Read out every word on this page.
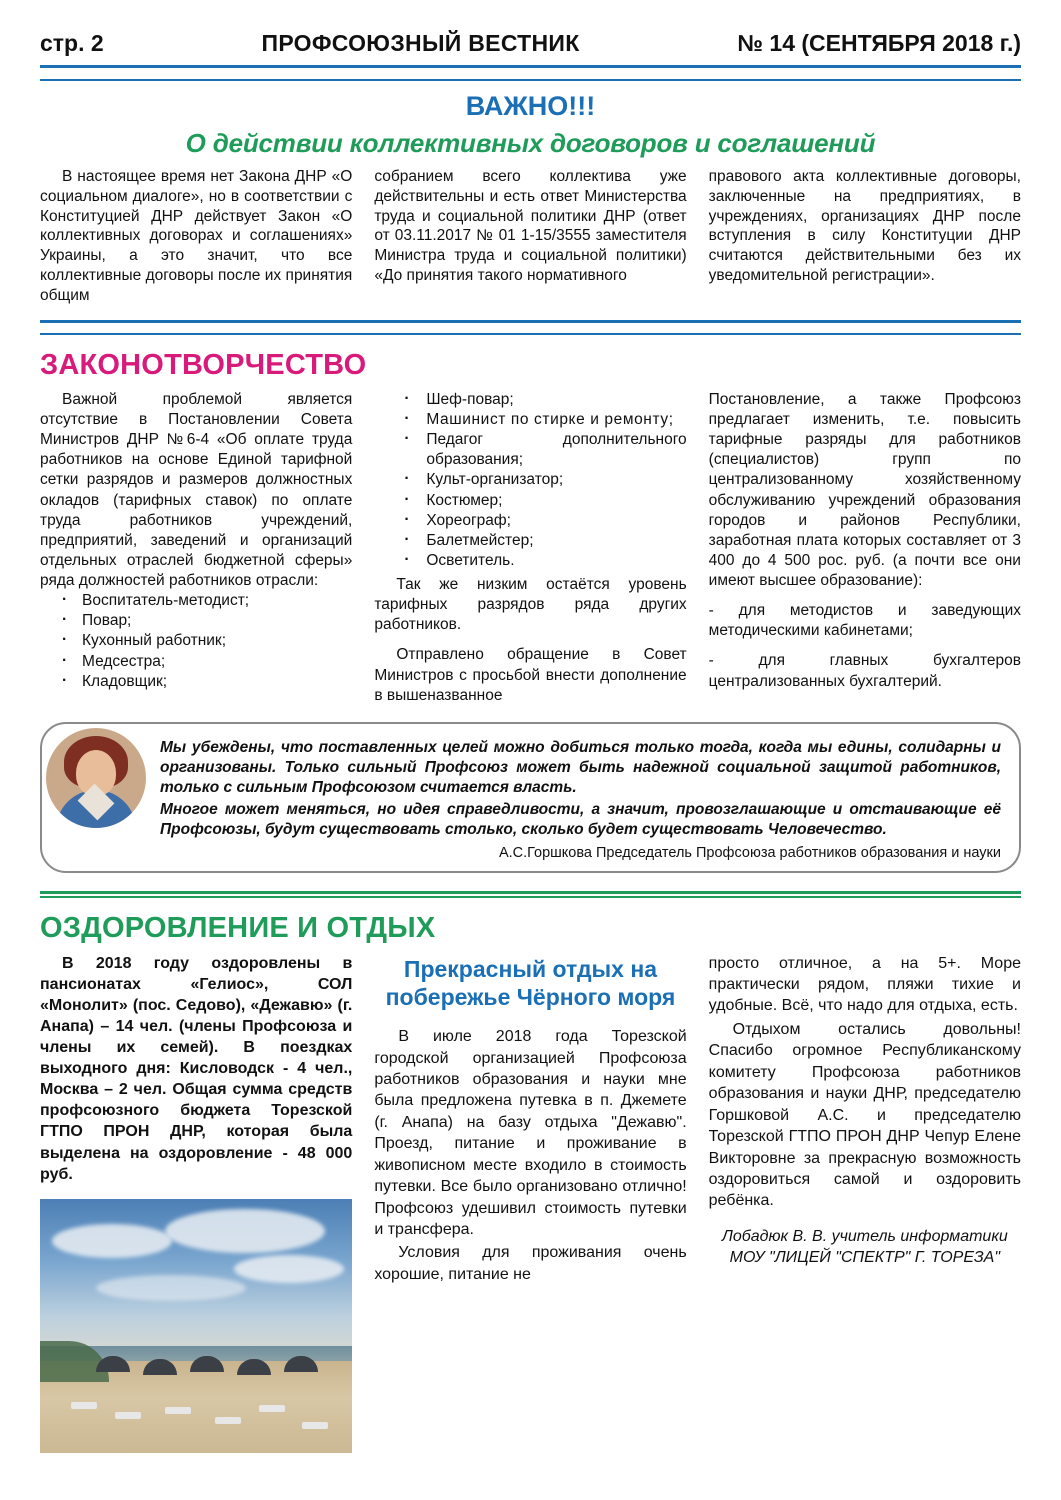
стр. 2	ПРОФСОЮЗНЫЙ ВЕСТНИК	№ 14 (СЕНТЯБРЯ 2018 г.)
ВАЖНО!!!
О действии коллективных договоров и соглашений
В настоящее время нет Закона ДНР «О социальном диалоге», но в соответствии с Конституцией ДНР действует Закон «О коллективных договорах и соглашениях» Украины, а это значит, что все коллективные договоры после их принятия общим
собранием всего коллектива уже действительны и есть ответ Министерства труда и социальной политики ДНР (ответ от 03.11.2017 № 01 1-15/3555 заместителя Министра труда и социальной политики) «До принятия такого нормативного
правового акта коллективные договоры, заключенные на предприятиях, в учреждениях, организациях ДНР после вступления в силу Конституции ДНР считаются действительными без их уведомительной регистрации».
ЗАКОНОТВОРЧЕСТВО
Важной проблемой является отсутствие в Постановлении Совета Министров ДНР №6-4 «Об оплате труда работников на основе Единой тарифной сетки разрядов и размеров должностных окладов (тарифных ставок) по оплате труда работников учреждений, предприятий, заведений и организаций отдельных отраслей бюджетной сферы» ряда должностей работников отрасли:
· Воспитатель-методист;
· Повар;
· Кухонный работник;
· Медсестра;
· Кладовщик;
· Шеф-повар;
· Машинист по стирке и ремонту;
· Педагог дополнительного образования;
· Культ-организатор;
· Костюмер;
· Хореограф;
· Балетмейстер;
· Осветитель.
Так же низким остаётся уровень тарифных разрядов ряда других работников.
Отправлено обращение в Совет Министров с просьбой внести дополнение в вышеназванное
Постановление, а также Профсоюз предлагает изменить, т.е. повысить тарифные разряды для работников (специалистов) групп по централизованному хозяйственному обслуживанию учреждений образования городов и районов Республики, заработная плата которых составляет от 3 400 до 4 500 рос. руб. (а почти все они имеют высшее образование):
- для методистов и заведующих методическими кабинетами;
- для главных бухгалтеров централизованных бухгалтерий.

Мы убеждены, что поставленных целей можно добиться только тогда, когда мы едины, солидарны и организованы. Только сильный Профсоюз может быть надежной социальной защитой работников, только с сильным Профсоюзом считается власть.

Многое может меняться, но идея справедливости, а значит, провозглашающие и отстаивающие её Профсоюзы, будут существовать столько, сколько будет существовать Человечество.

А.С.Горшкова Председатель Профсоюза работников образования и науки
ОЗДОРОВЛЕНИЕ И ОТДЫХ
В 2018 году оздоровлены в пансионатах «Гелиос», СОЛ «Монолит» (пос. Седово), «Дежавю» (г. Анапа) – 14 чел. (члены Профсоюза и члены их семей). В поездках выходного дня: Кисловодск - 4 чел., Москва – 2 чел. Общая сумма средств профсоюзного бюджета Торезской ГТПО ПРОН ДНР, которая была выделена на оздоровление - 48 000 руб.
Прекрасный отдых на побережье Чёрного моря

В июле 2018 года Торезской городской организацией Профсоюза работников образования и науки мне была предложена путевка в п. Джемете (г. Анапа) на базу отдыха "Дежавю". Проезд, питание и проживание в живописном месте входило в стоимость путевки. Все было организовано отлично! Профсоюз удешивил стоимость путевки и трансфера.

Условия для проживания очень хорошие, питание не

просто отличное, а на 5+. Море практически рядом, пляжи тихие и удобные. Всё, что надо для отдыха, есть.

Отдыхом остались довольны! Спасибо огромное Республиканскому комитету Профсоюза работников образования и науки ДНР, председателю Горшковой А.С. и председателю Торезской ГТПО ПРОН ДНР Чепур Елене Викторовне за прекрасную возможность оздоровиться самой и оздоровить ребёнка.

Лобадюк В. В. учитель информатики МОУ "ЛИЦЕЙ "СПЕКТР" Г. ТОРЕЗА"
